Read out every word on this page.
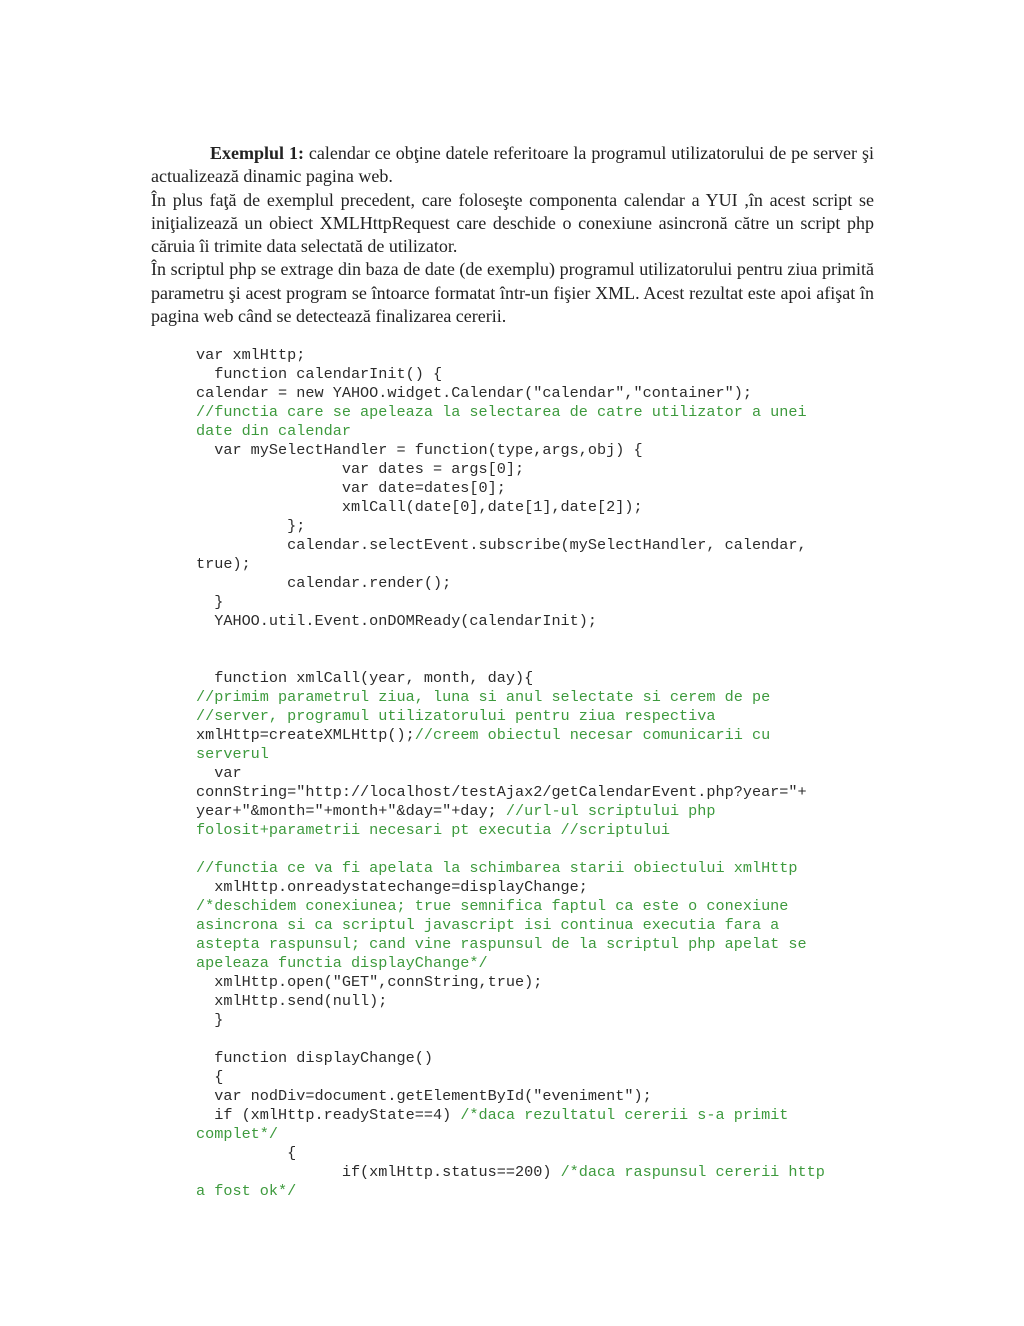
Exemplul 1: calendar ce obţine datele referitoare la programul utilizatorului de pe server şi actualizează dinamic pagina web.

În plus faţă de exemplul precedent, care foloseşte componenta calendar a YUI ,în acest script se iniţializează un obiect XMLHttpRequest care deschide o conexiune asincronă către un script php căruia îi trimite data selectată de utilizator.

În scriptul php se extrage din baza de date (de exemplu) programul utilizatorului pentru ziua primită parametru şi acest program se întoarce formatat într-un fişier XML. Acest rezultat este apoi afişat în pagina web când se detectează finalizarea cererii.

var xmlHttp;
function calendarInit() {
calendar = new YAHOO.widget.Calendar("calendar","container");
//functia care se apeleaza la selectarea de catre utilizator a unei
date din calendar
var mySelectHandler = function(type,args,obj) {
var dates = args[0];
var date=dates[0];
xmlCall(date[0],date[1],date[2]);
};
calendar.selectEvent.subscribe(mySelectHandler, calendar,
true);
calendar.render();
}
YAHOO.util.Event.onDOMReady(calendarInit);
function xmlCall(year, month, day){
//primim parametrul ziua, luna si anul selectate si cerem de pe
//server, programul utilizatorului pentru ziua respectiva
xmlHttp=createXMLHttp();//creem obiectul necesar comunicarii cu
serverul
var
connString="http://localhost/testAjax2/getCalendarEvent.php?year="+
year+"&month="+month+"&day="+day; //url-ul scriptului php
folosit+parametrii necesari pt executia //scriptului
//functia ce va fi apelata la schimbarea starii obiectului xmlHttp
xmlHttp.onreadystatechange=displayChange;
/*deschidem conexiunea; true semnifica faptul ca este o conexiune
asincrona si ca scriptul javascript isi continua executia fara a
astepta raspunsul; cand vine raspunsul de la scriptul php apelat se
apeleaza functia displayChange*/
xmlHttp.open("GET",connString,true);
xmlHttp.send(null);
}
function displayChange()
{
var nodDiv=document.getElementById("eveniment");
if (xmlHttp.readyState==4) /*daca rezultatul cererii s-a primit
complet*/
{
if(xmlHttp.status==200) /*daca raspunsul cererii http
a fost ok*/
